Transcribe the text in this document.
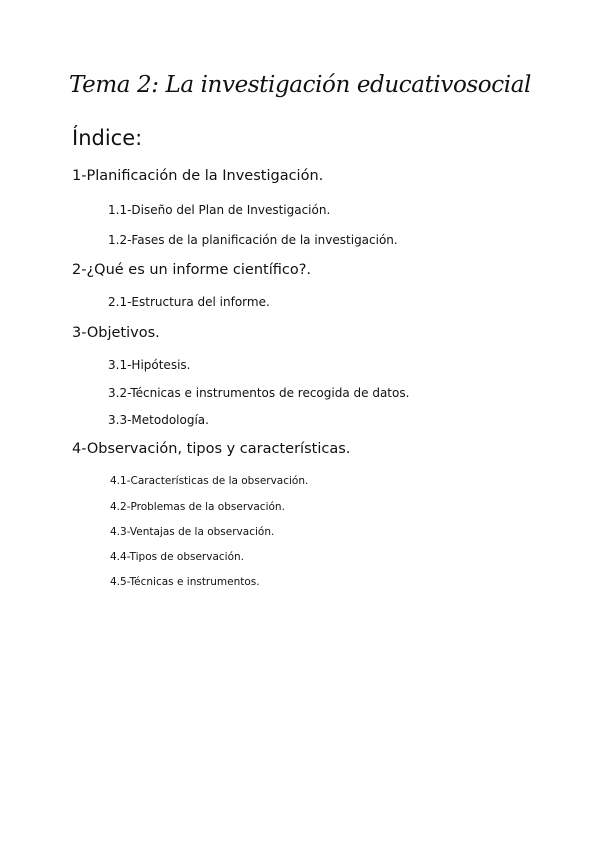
Tema 2: La investigación educativosocial
Índice:
1-Planificación de la Investigación.
1.1-Diseño del Plan de Investigación.
1.2-Fases de la planificación de la investigación.
2-¿Qué es un informe científico?.
2.1-Estructura del informe.
3-Objetivos.
3.1-Hipótesis.
3.2-Técnicas e instrumentos de recogida de datos.
3.3-Metodología.
4-Observación, tipos y características.
4.1-Características de la observación.
4.2-Problemas de la observación.
4.3-Ventajas de la observación.
4.4-Tipos de observación.
4.5-Técnicas e instrumentos.
